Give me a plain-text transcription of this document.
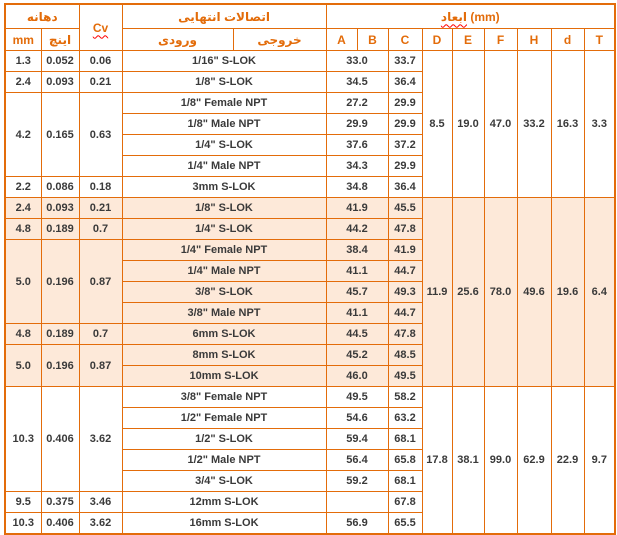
دهانه		Cv	اتصالات انتهایی		ابعاد (mm)								
mm	اینچ		ورودی	خروجی	A	B	C	D	E	F	H	d	T
1.3	0.052	0.06	1/16" S-LOK		33.0		33.7	8.5	19.0	47.0	33.2	16.3	3.3
2.4	0.093	0.21	1/8" S-LOK		34.5		36.4						
4.2	0.165	0.63	1/8" Female NPT		27.2		29.9						
			1/8" Male NPT		29.9		29.9						
			1/4" S-LOK		37.6		37.2						
			1/4" Male NPT		34.3		29.9						
2.2	0.086	0.18	3mm S-LOK		34.8		36.4						
2.4	0.093	0.21	1/8" S-LOK		41.9		45.5	11.9	25.6	78.0	49.6	19.6	6.4
4.8	0.189	0.7	1/4" S-LOK		44.2		47.8						
5.0	0.196	0.87	1/4" Female NPT		38.4		41.9						
			1/4" Male NPT		41.1		44.7						
			3/8" S-LOK		45.7		49.3						
			3/8" Male NPT		41.1		44.7						
4.8	0.189	0.7	6mm S-LOK		44.5		47.8						
5.0	0.196	0.87	8mm S-LOK		45.2		48.5						
			10mm S-LOK		46.0		49.5						
10.3	0.406	3.62	3/8" Female NPT		49.5		58.2	17.8	38.1	99.0	62.9	22.9	9.7
			1/2" Female NPT		54.6		63.2						
			1/2" S-LOK		59.4		68.1						
			1/2" Male NPT		56.4		65.8						
			3/4" S-LOK		59.2		68.1						
9.5	0.375	3.46	12mm S-LOK				67.8						
10.3	0.406	3.62	16mm S-LOK		56.9		65.5						
